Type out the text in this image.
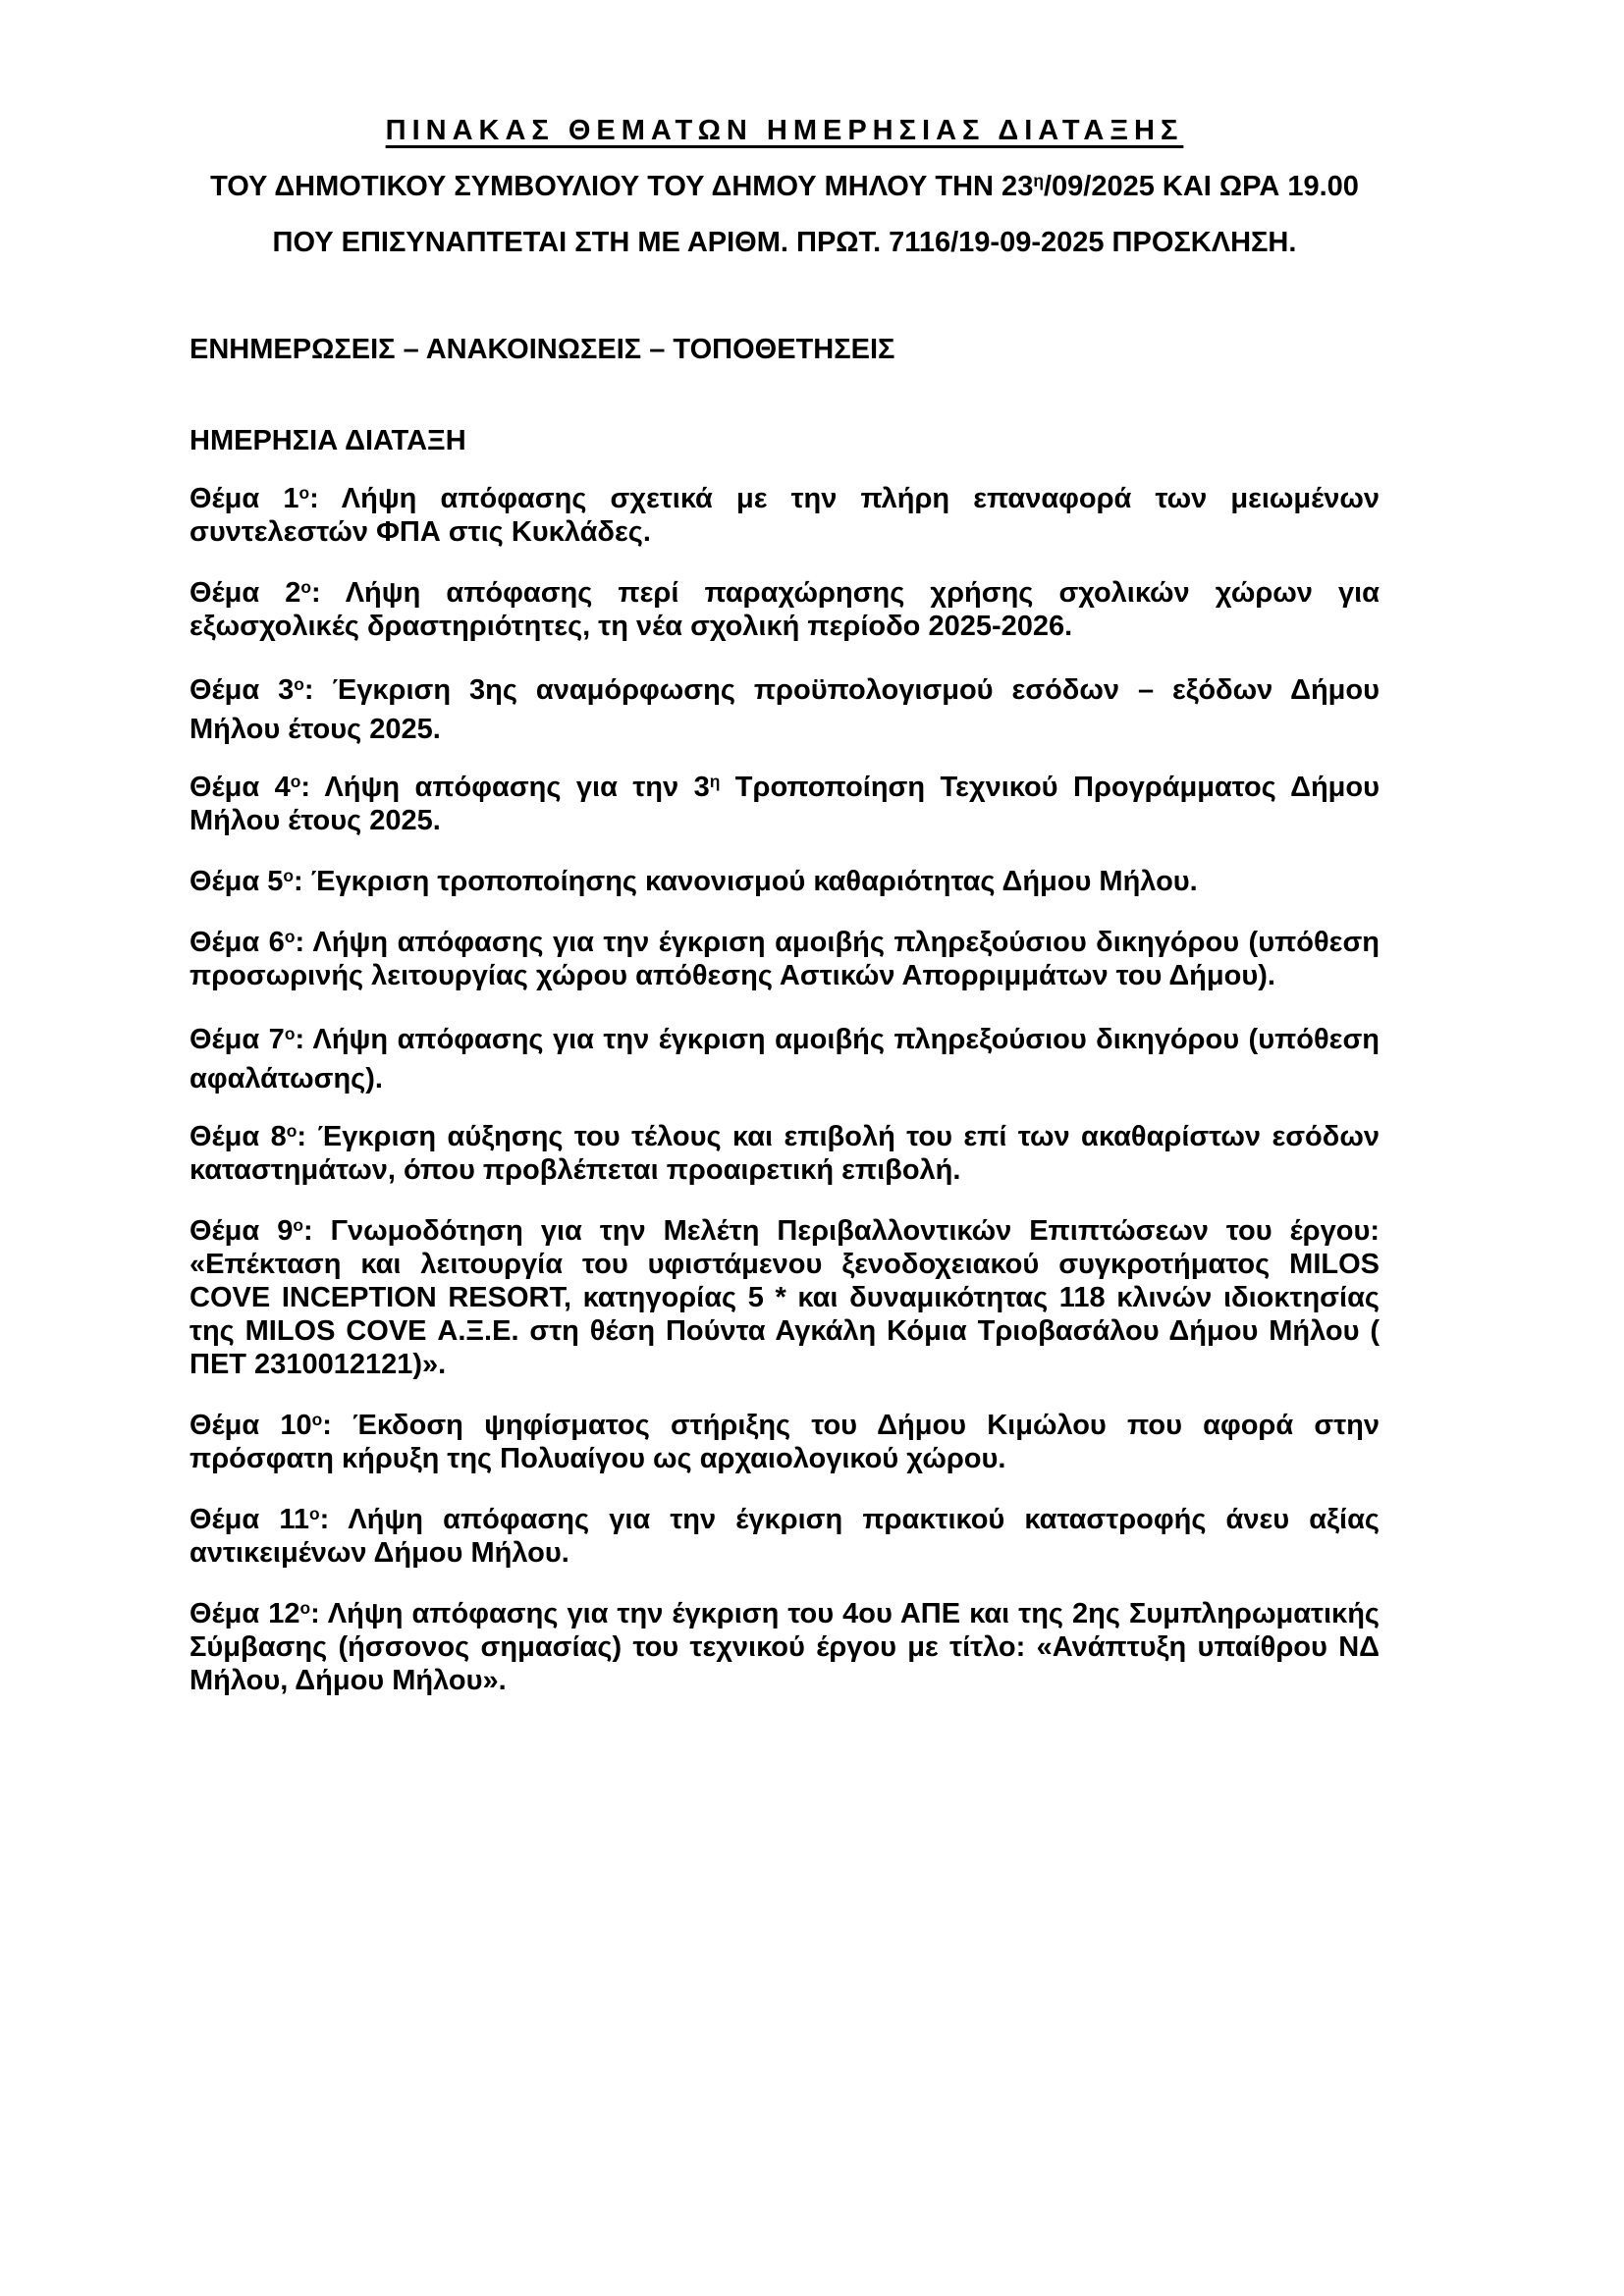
ΠΙΝΑΚΑΣ ΘΕΜΑΤΩΝ ΗΜΕΡΗΣΙΑΣ ΔΙΑΤΑΞΗΣ

ΤΟΥ ΔΗΜΟΤΙΚΟΥ ΣΥΜΒΟΥΛΙΟΥ ΤΟΥ ΔΗΜΟΥ ΜΗΛΟΥ ΤΗΝ $23^\eta/09/2025$ ΚΑΙ ΩΡΑ 19.00

ΠΟΥ ΕΠΙΣΥΝΑΠΤΕΤΑΙ ΣΤΗ ΜΕ ΑΡΙΘΜ. ΠΡΩΤ. 7116/19-09-2025 ΠΡΟΣΚΛΗΣΗ.

ΕΝΗΜΕΡΩΣΕΙΣ – ΑΝΑΚΟΙΝΩΣΕΙΣ – ΤΟΠΟΘΕΤΗΣΕΙΣ

ΗΜΕΡΗΣΙΑ ΔΙΑΤΑΞΗ

Θέμα $1^o$: Λήψη απόφασης σχετικά με την πλήρη επαναφορά των μειωμένων συντελεστών ΦΠΑ στις Κυκλάδες.

Θέμα $2^o$: Λήψη απόφασης περί παραχώρησης χρήσης σχολικών χώρων για εξωσχολικές δραστηριότητες, τη νέα σχολική περίοδο 2025-2026.

Θέμα $3^o$: Έγκριση 3ης αναμόρφωσης προϋπολογισμού εσόδων – εξόδων Δήμου Μήλου έτους 2025.

Θέμα $4^o$: Λήψη απόφασης για την $3^\eta$ Τροποποίηση Τεχνικού Προγράμματος Δήμου Μήλου έτους 2025.

Θέμα $5^o$: Έγκριση τροποποίησης κανονισμού καθαριότητας Δήμου Μήλου.

Θέμα $6^o$: Λήψη απόφασης για την έγκριση αμοιβής πληρεξούσιου δικηγόρου (υπόθεση προσωρινής λειτουργίας χώρου απόθεσης Αστικών Απορριμμάτων του Δήμου).

Θέμα $7^o$: Λήψη απόφασης για την έγκριση αμοιβής πληρεξούσιου δικηγόρου (υπόθεση αφαλάτωσης).

Θέμα $8^o$: Έγκριση αύξησης του τέλους και επιβολή του επί των ακαθαρίστων εσόδων καταστημάτων, όπου προβλέπεται προαιρετική επιβολή.

Θέμα $9^o$: Γνωμοδότηση για την Μελέτη Περιβαλλοντικών Επιπτώσεων του έργου: «Επέκταση και λειτουργία του υφιστάμενου ξενοδοχειακού συγκροτήματος MILOS COVE INCEPTION RESORT, κατηγορίας 5 * και δυναμικότητας 118 κλινών ιδιοκτησίας της MILOS COVE Α.Ξ.Ε. στη θέση Πούντα Αγκάλη Κόμια Τριοβασάλου Δήμου Μήλου ( ΠΕΤ 2310012121)».

Θέμα $10^o$: Έκδοση ψηφίσματος στήριξης του Δήμου Κιμώλου που αφορά στην πρόσφατη κήρυξη της Πολυαίγου ως αρχαιολογικού χώρου.

Θέμα $11^o$: Λήψη απόφασης για την έγκριση πρακτικού καταστροφής άνευ αξίας αντικειμένων Δήμου Μήλου.

Θέμα $12^o$: Λήψη απόφασης για την έγκριση του 4ου ΑΠΕ και της 2ης Συμπληρωματικής Σύμβασης (ήσσονος σημασίας) του τεχνικού έργου με τίτλο: «Ανάπτυξη υπαίθρου ΝΔ Μήλου, Δήμου Μήλου».
